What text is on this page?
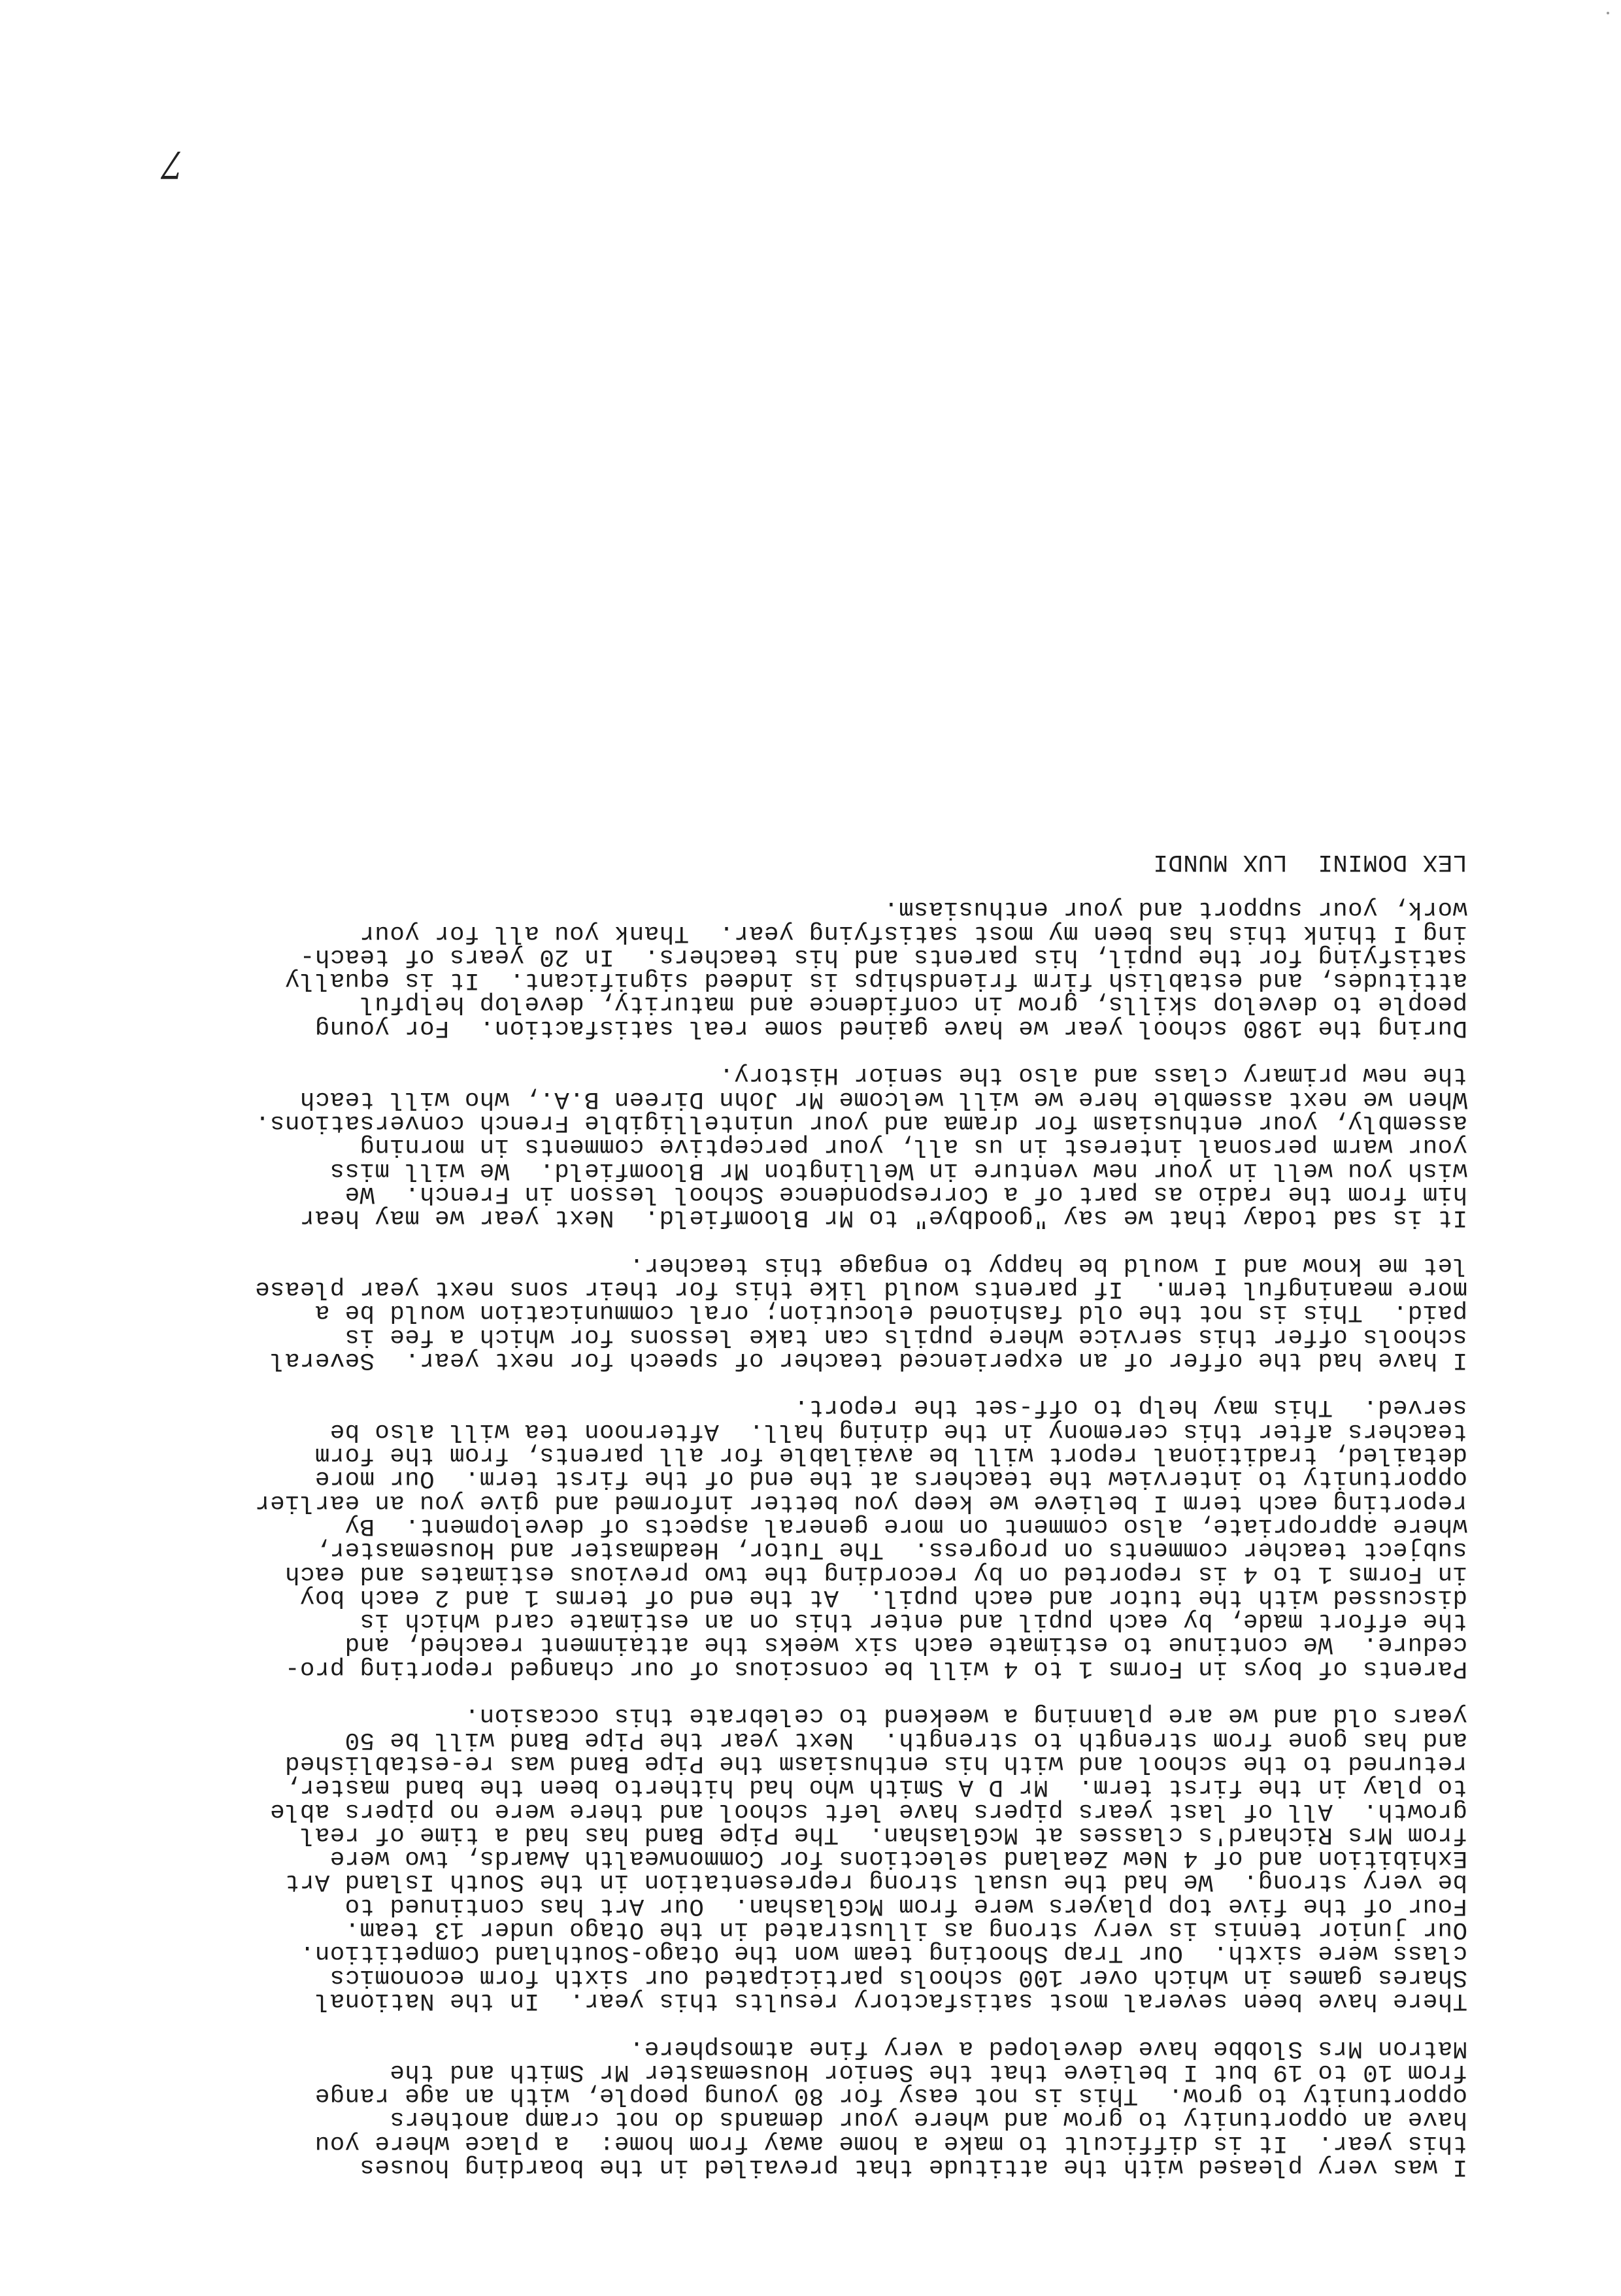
I was very pleased with the attitude that prevailed in the boarding houses
this year.  It is difficult to make a home away from home:  a place where you
have an opportunity to grow and where your demands do not cramp anothers
opportunity to grow.  This is not easy for 80 young people, with an age range
from 10 to 19 but I believe that the Senior Housemaster Mr Smith and the
Matron Mrs Slobbe have developed a very fine atmosphere.
There have been several most satisfactory results this year.  In the National
Shares games in which over 100 schools participated our sixth form economics
class were sixth.  Our Trap Shooting team won the Otago-Southland Competition.
Our junior tennis is very strong as illustrated in the Otago under 13 team.
Four of the five top players were from McGlashan.  Our Art has continued to
be very strong.  We had the usual strong representation in the South Island Art
Exhibition and of 4 New Zealand selections for Commonwealth Awards, two were
from Mrs Richard's classes at McGlashan.  The Pipe Band has had a time of real
growth.  All of last years pipers have left school and there were no pipers able
to play in the first term.  Mr D A Smith who had hitherto been the band master,
returned to the school and with his enthusiasm the Pipe Band was re-established
and has gone from strength to strength.  Next year the Pipe Band will be 50
years old and we are planning a weekend to celebrate this occasion.
Parents of boys in Forms 1 to 4 will be conscious of our changed reporting pro-
cedure.  We continue to estimate each six weeks the attainment reached, and
the effort made, by each pupil and enter this on an estimate card which is
discussed with the tutor and each pupil.  At the end of terms 1 and 2 each boy
in Forms 1 to 4 is reported on by recording the two previous estimates and each
subject teacher comments on progress.  The Tutor, Headmaster and Housemaster,
where appropriate, also comment on more general aspects of development.  By
reporting each term I believe we keep you better informed and give you an earlier
opportunity to interview the teachers at the end of the first term.  Our more
detailed, traditional report will be available for all parents, from the form
teachers after this ceremony in the dining hall.  Afternoon tea will also be
served.  This may help to off-set the report.
I have had the offer of an experienced teacher of speech for next year.  Several
schools offer this service where pupils can take lessons for which a fee is
paid.  This is not the old fashioned elocution; oral communication would be a
more meaningful term.  If parents would like this for their sons next year please
let me know and I would be happy to engage this teacher.
It is sad today that we say "goodbye" to Mr Bloomfield.  Next year we may hear
him from the radio as part of a Correspondence School lesson in French.  We
wish you well in your new venture in Wellington Mr Bloomfield.  We will miss
your warm personal interest in us all, your perceptive comments in morning
assembly, your enthusiasm for drama and your unintelligible French conversations.
When we next assemble here we will welcome Mr John Direen B.A., who will teach
the new primary class and also the senior History.
During the 1980 school year we have gained some real satisfaction.  For young
people to develop skills, grow in confidence and maturity, develop helpful
attitudes, and establish firm friendships is indeed significant.  It is equally
satisfying for the pupil, his parents and his teachers.  In 20 years of teach-
ing I think this has been my most satisfying year.  Thank you all for your
work, your support and your enthusiasm.
LEX DOMINI  LUX MUNDI
7
